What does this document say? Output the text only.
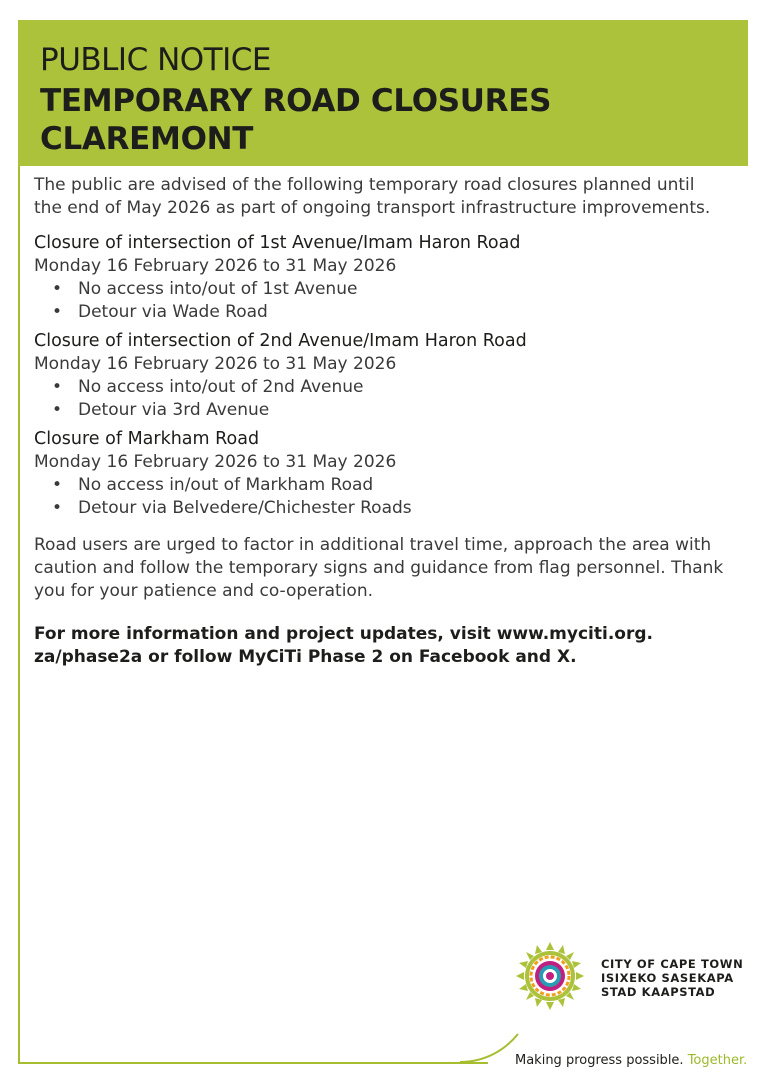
PUBLIC NOTICE
TEMPORARY ROAD CLOSURES
CLAREMONT

The public are advised of the following temporary road closures planned until the end of May 2026 as part of ongoing transport infrastructure improvements.

Closure of intersection of 1st Avenue/Imam Haron Road

Monday 16 February 2026 to 31 May 2026

• No access into/out of 1st Avenue
• Detour via Wade Road

Closure of intersection of 2nd Avenue/Imam Haron Road

Monday 16 February 2026 to 31 May 2026

• No access into/out of 2nd Avenue
• Detour via 3rd Avenue

Closure of Markham Road

Monday 16 February 2026 to 31 May 2026

• No access in/out of Markham Road
• Detour via Belvedere/Chichester Roads

Road users are urged to factor in additional travel time, approach the area with caution and follow the temporary signs and guidance from flag personnel. Thank you for your patience and co-operation.

For more information and project updates, visit www.myciti.org. za/phase2a or follow MyCiTi Phase 2 on Facebook and X.

CITY OF CAPE TOWN
ISIXEKO SASEKAPA
STAD KAAPSTAD
Making progress possible. Together.
